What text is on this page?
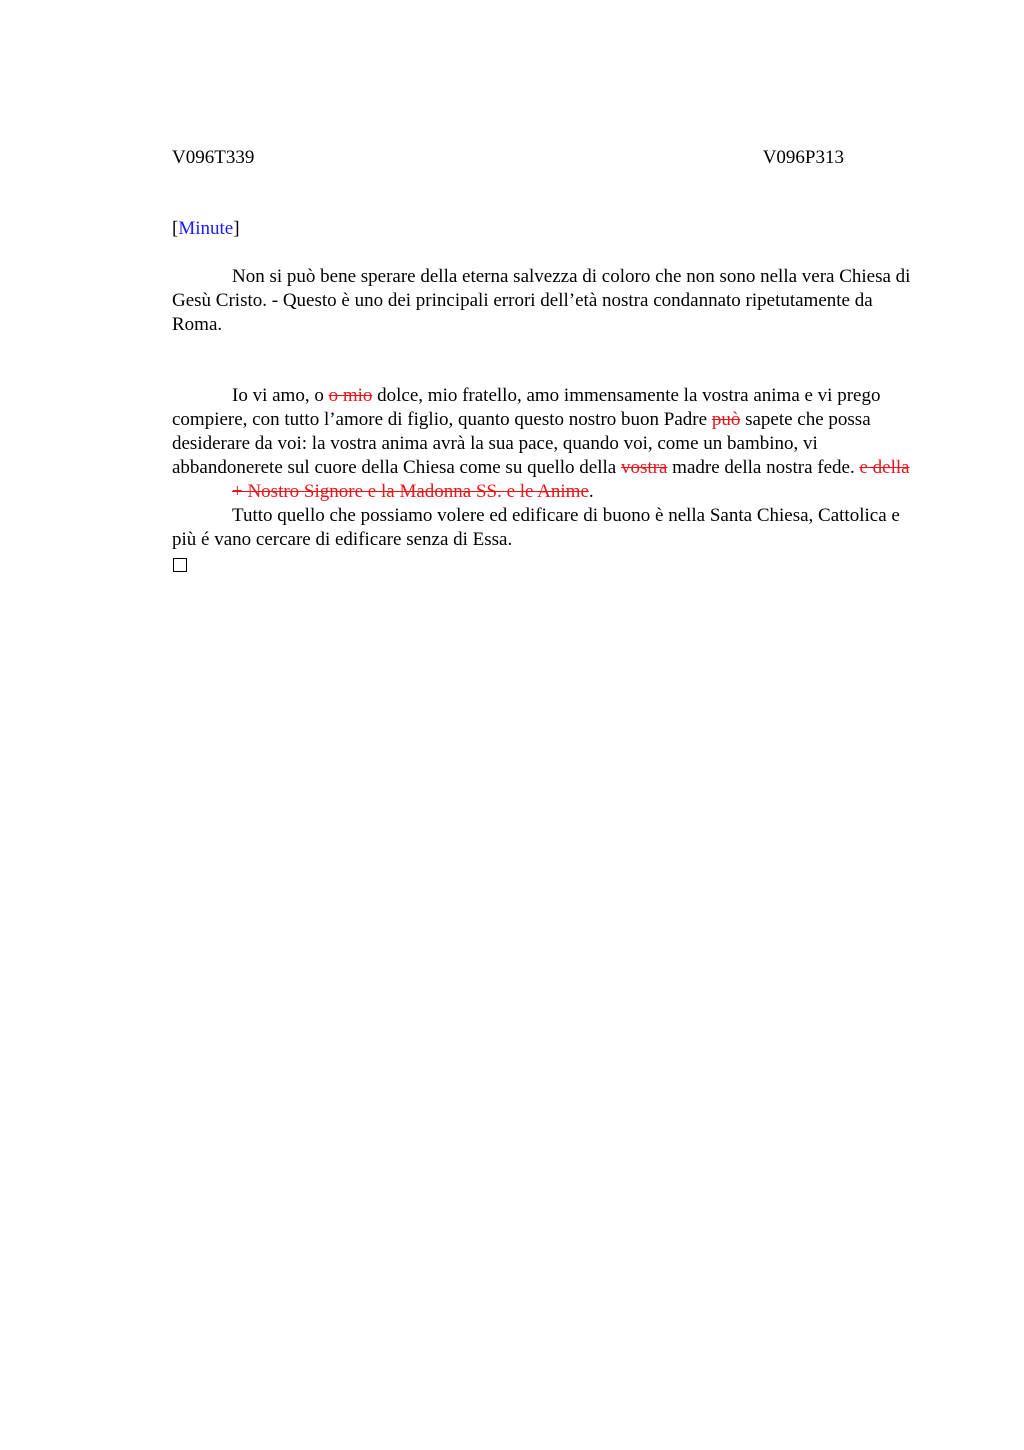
V096T339	V096P313
[Minute]

Non si può bene sperare della eterna salvezza di coloro che non sono nella vera Chiesa di Gesù Cristo. - Questo è uno dei principali errori dell’età nostra condannato ripetutamente da Roma.

Io vi amo, o o mio dolce, mio fratello, amo immensamente la vostra anima e vi prego compiere, con tutto l’amore di figlio, quanto questo nostro buon Padre può sapete che possa desiderare da voi: la vostra anima avrà la sua pace, quando voi, come un bambino, vi abbandonerete sul cuore della Chiesa come su quello della vostra madre della nostra fede. e della

+ Nostro Signore e la Madonna SS. e le Anime.

Tutto quello che possiamo volere ed edificare di buono è nella Santa Chiesa, Cattolica e più é vano cercare di edificare senza di Essa.
